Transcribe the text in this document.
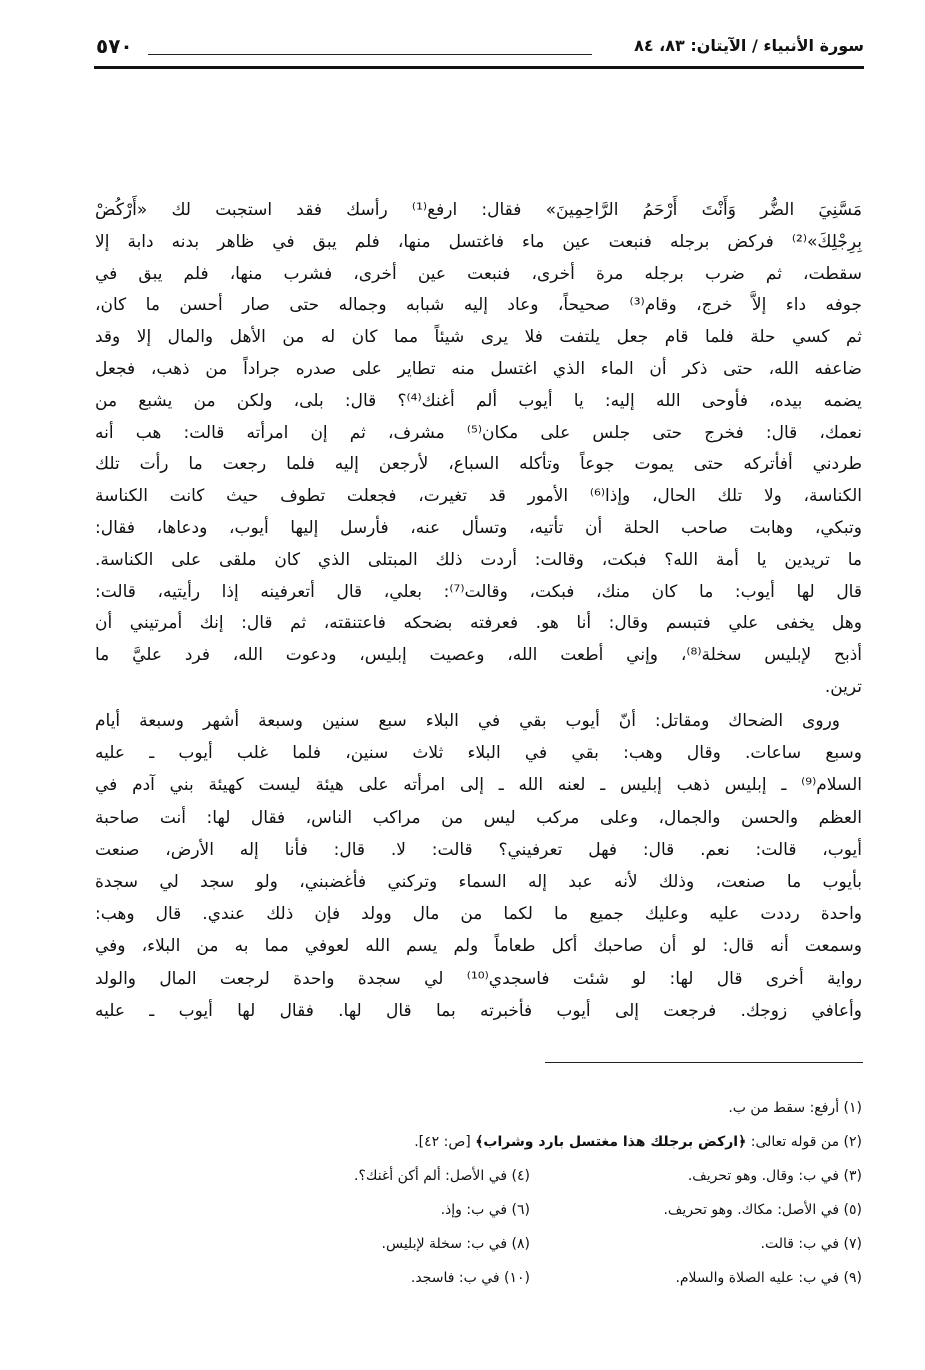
سورة الأنبياء / الآيتان: ٨٣، ٨٤
٥٧٠
مَسَّنِيَ الضُّر وَأَنْتَ أَرْحَمُ الرَّاحِمِينَ» فقال: ارفع⁽¹⁾ رأسك فقد استجبت لك «أَرْكُضْ
بِرِجْلِكَ»⁽²⁾ فركض برجله فنبعت عين ماء فاغتسل منها، فلم يبق في ظاهر بدنه دابة إلا
سقطت، ثم ضرب برجله مرة أخرى، فنبعت عين أخرى، فشرب منها، فلم يبق في
جوفه داء إلاَّ خرج، وقام⁽³⁾ صحيحاً، وعاد إليه شبابه وجماله حتى صار أحسن ما كان،
ثم كسي حلة فلما قام جعل يلتفت فلا يرى شيئاً مما كان له من الأهل والمال إلا وقد
ضاعفه الله، حتى ذكر أن الماء الذي اغتسل منه تطاير على صدره جراداً من ذهب، فجعل
يضمه بيده، فأوحى الله إليه: يا أيوب ألم أغنك⁽⁴⁾؟ قال: بلى، ولكن من يشبع من
نعمك، قال: فخرج حتى جلس على مكان⁽⁵⁾ مشرف، ثم إن امرأته قالت: هب أنه
طردني أفأتركه حتى يموت جوعاً وتأكله السباع، لأرجعن إليه فلما رجعت ما رأت تلك
الكناسة، ولا تلك الحال، وإذا⁽⁶⁾ الأمور قد تغيرت، فجعلت تطوف حيث كانت الكناسة
وتبكي، وهابت صاحب الحلة أن تأتيه، وتسأل عنه، فأرسل إليها أيوب، ودعاها، فقال:
ما تريدين يا أمة الله؟ فبكت، وقالت: أردت ذلك المبتلى الذي كان ملقى على الكناسة.
قال لها أيوب: ما كان منك، فبكت، وقالت⁽⁷⁾: بعلي، قال أتعرفينه إذا رأيتيه، قالت:
وهل يخفى علي فتبسم وقال: أنا هو. فعرفته بضحكه فاعتنقته، ثم قال: إنك أمرتيني أن
أذبح لإبليس سخلة⁽⁸⁾، وإني أطعت الله، وعصيت إبليس، ودعوت الله، فرد عليَّ ما
ترين.
وروى الضحاك ومقاتل: أنّ أيوب بقي في البلاء سبع سنين وسبعة أشهر وسبعة أيام
وسبع ساعات. وقال وهب: بقي في البلاء ثلاث سنين، فلما غلب أيوب ـ عليه
السلام⁽⁹⁾ ـ إبليس ذهب إبليس ـ لعنه الله ـ إلى امرأته على هيئة ليست كهيئة بني آدم في
العظم والحسن والجمال، وعلى مركب ليس من مراكب الناس، فقال لها: أنت صاحبة
أيوب، قالت: نعم. قال: فهل تعرفيني؟ قالت: لا. قال: فأنا إله الأرض، صنعت
بأيوب ما صنعت، وذلك لأنه عبد إله السماء وتركني فأغضبني، ولو سجد لي سجدة
واحدة رددت عليه وعليك جميع ما لكما من مال وولد فإن ذلك عندي. قال وهب:
وسمعت أنه قال: لو أن صاحبك أكل طعاماً ولم يسم الله لعوفي مما به من البلاء، وفي
رواية أخرى قال لها: لو شئت فاسجدي⁽¹⁰⁾ لي سجدة واحدة لرجعت المال والولد
وأعافي زوجك. فرجعت إلى أيوب فأخبرته بما قال لها. فقال لها أيوب ـ عليه
(١) أرفع: سقط من ب.
(٢) من قوله تعالى: ﴿اركض برجلك هذا مغتسل بارد وشراب﴾ [ص: ٤٢].
(٣) في ب: وقال. وهو تحريف.
(٤) في الأصل: ألم أكن أغنك؟.
(٥) في الأصل: مكاك. وهو تحريف.
(٦) في ب: وإذ.
(٧) في ب: قالت.
(٨) في ب: سخلة لإبليس.
(٩) في ب: عليه الصلاة والسلام.
(١٠) في ب: فاسجد.
